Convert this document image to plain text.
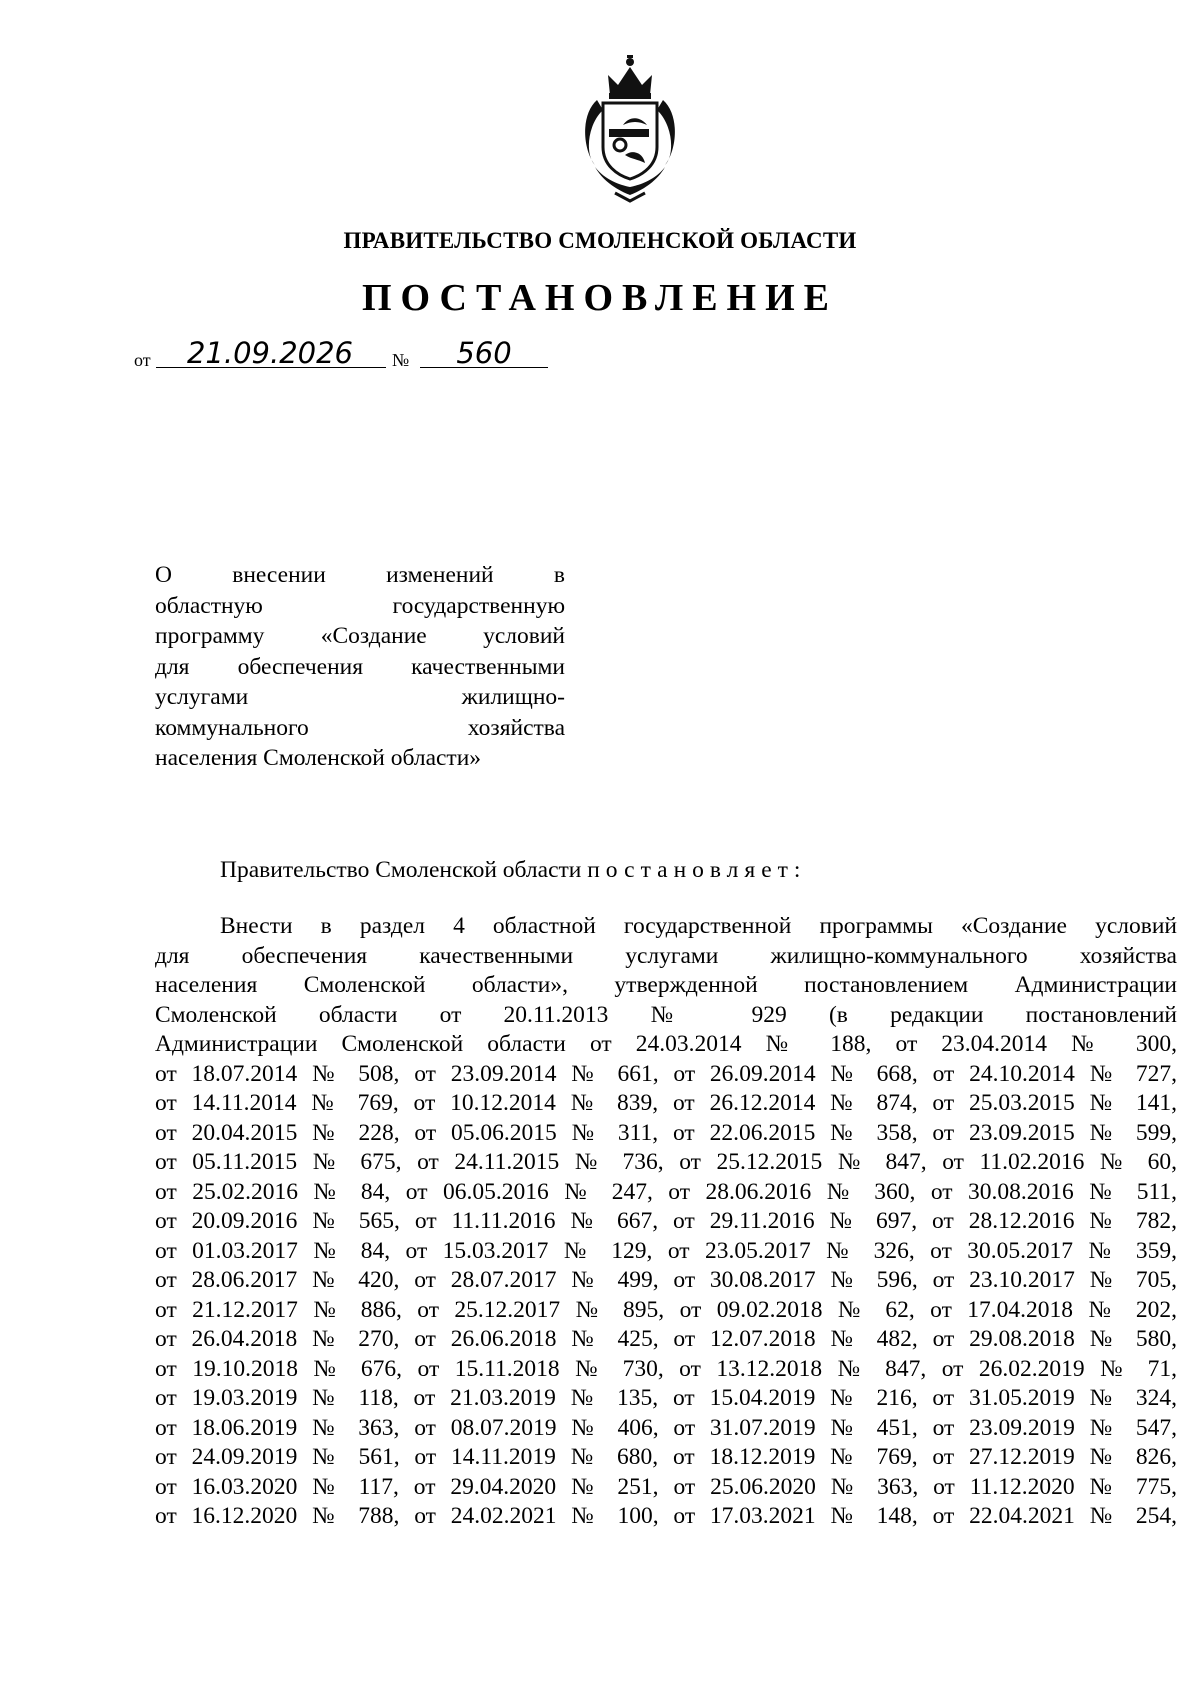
ПРАВИТЕЛЬСТВО СМОЛЕНСКОЙ ОБЛАСТИ
ПОСТАНОВЛЕНИЕ
от	21.09.2026	№	560
О внесении изменений в
областную государственную
программу «Создание условий
для обеспечения качественными
услугами жилищно-
коммунального хозяйства
населения Смоленской области»
Правительство Смоленской области постановляет:
Внести в раздел 4 областной государственной программы «Создание условий
для обеспечения качественными услугами жилищно-коммунального хозяйства
населения Смоленской области», утвержденной постановлением Администрации
Смоленской области от 20.11.2013 № 929 (в редакции постановлений
Администрации Смоленской области от 24.03.2014 № 188, от 23.04.2014 № 300,
от 18.07.2014 № 508, от 23.09.2014 № 661, от 26.09.2014 № 668, от 24.10.2014 № 727,
от 14.11.2014 № 769, от 10.12.2014 № 839, от 26.12.2014 № 874, от 25.03.2015 № 141,
от 20.04.2015 № 228, от 05.06.2015 № 311, от 22.06.2015 № 358, от 23.09.2015 № 599,
от 05.11.2015 № 675, от 24.11.2015 № 736, от 25.12.2015 № 847, от 11.02.2016 № 60,
от 25.02.2016 № 84, от 06.05.2016 № 247, от 28.06.2016 № 360, от 30.08.2016 № 511,
от 20.09.2016 № 565, от 11.11.2016 № 667, от 29.11.2016 № 697, от 28.12.2016 № 782,
от 01.03.2017 № 84, от 15.03.2017 № 129, от 23.05.2017 № 326, от 30.05.2017 № 359,
от 28.06.2017 № 420, от 28.07.2017 № 499, от 30.08.2017 № 596, от 23.10.2017 № 705,
от 21.12.2017 № 886, от 25.12.2017 № 895, от 09.02.2018 № 62, от 17.04.2018 № 202,
от 26.04.2018 № 270, от 26.06.2018 № 425, от 12.07.2018 № 482, от 29.08.2018 № 580,
от 19.10.2018 № 676, от 15.11.2018 № 730, от 13.12.2018 № 847, от 26.02.2019 № 71,
от 19.03.2019 № 118, от 21.03.2019 № 135, от 15.04.2019 № 216, от 31.05.2019 № 324,
от 18.06.2019 № 363, от 08.07.2019 № 406, от 31.07.2019 № 451, от 23.09.2019 № 547,
от 24.09.2019 № 561, от 14.11.2019 № 680, от 18.12.2019 № 769, от 27.12.2019 № 826,
от 16.03.2020 № 117, от 29.04.2020 № 251, от 25.06.2020 № 363, от 11.12.2020 № 775,
от 16.12.2020 № 788, от 24.02.2021 № 100, от 17.03.2021 № 148, от 22.04.2021 № 254,
